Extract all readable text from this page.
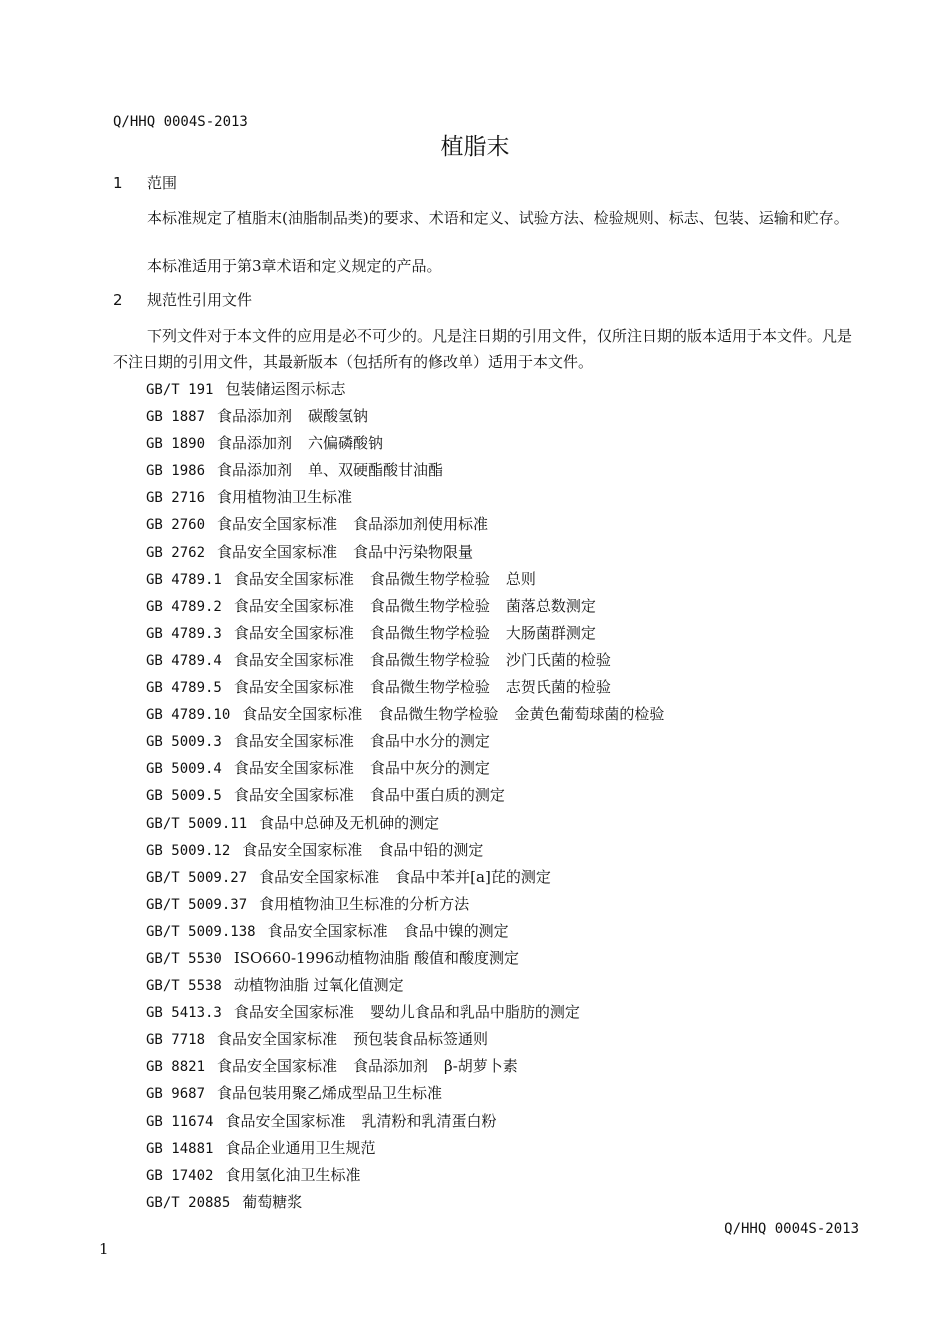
Q/HHQ 0004S-2013
植脂末
1 范围
本标准规定了植脂末(油脂制品类)的要求、术语和定义、试验方法、检验规则、标志、包装、运输和贮存。
本标准适用于第3章术语和定义规定的产品。
2 规范性引用文件
下列文件对于本文件的应用是必不可少的。凡是注日期的引用文件，仅所注日期的版本适用于本文件。凡是不注日期的引用文件，其最新版本（包括所有的修改单）适用于本文件。
GB/T 191 包装储运图示标志
GB 1887 食品添加剂 碳酸氢钠
GB 1890 食品添加剂 六偏磷酸钠
GB 1986 食品添加剂 单、双硬酯酸甘油酯
GB 2716 食用植物油卫生标准
GB 2760 食品安全国家标准 食品添加剂使用标准
GB 2762 食品安全国家标准 食品中污染物限量
GB 4789.1 食品安全国家标准 食品微生物学检验 总则
GB 4789.2 食品安全国家标准 食品微生物学检验 菌落总数测定
GB 4789.3 食品安全国家标准 食品微生物学检验 大肠菌群测定
GB 4789.4 食品安全国家标准 食品微生物学检验 沙门氏菌的检验
GB 4789.5 食品安全国家标准 食品微生物学检验 志贺氏菌的检验
GB 4789.10 食品安全国家标准 食品微生物学检验 金黄色葡萄球菌的检验
GB 5009.3 食品安全国家标准 食品中水分的测定
GB 5009.4 食品安全国家标准 食品中灰分的测定
GB 5009.5 食品安全国家标准 食品中蛋白质的测定
GB/T 5009.11 食品中总砷及无机砷的测定
GB 5009.12 食品安全国家标准 食品中铅的测定
GB/T 5009.27 食品安全国家标准 食品中苯并[a]芘的测定
GB/T 5009.37 食用植物油卫生标准的分析方法
GB/T 5009.138 食品安全国家标准 食品中镍的测定
GB/T 5530 ISO660-1996动植物油脂 酸值和酸度测定
GB/T 5538 动植物油脂 过氧化值测定
GB 5413.3 食品安全国家标准 婴幼儿食品和乳品中脂肪的测定
GB 7718 食品安全国家标准 预包装食品标签通则
GB 8821 食品安全国家标准 食品添加剂 β-胡萝卜素
GB 9687 食品包装用聚乙烯成型品卫生标准
GB 11674 食品安全国家标准 乳清粉和乳清蛋白粉
GB 14881 食品企业通用卫生规范
GB 17402 食用氢化油卫生标准
GB/T 20885 葡萄糖浆
Q/HHQ 0004S-2013
1
